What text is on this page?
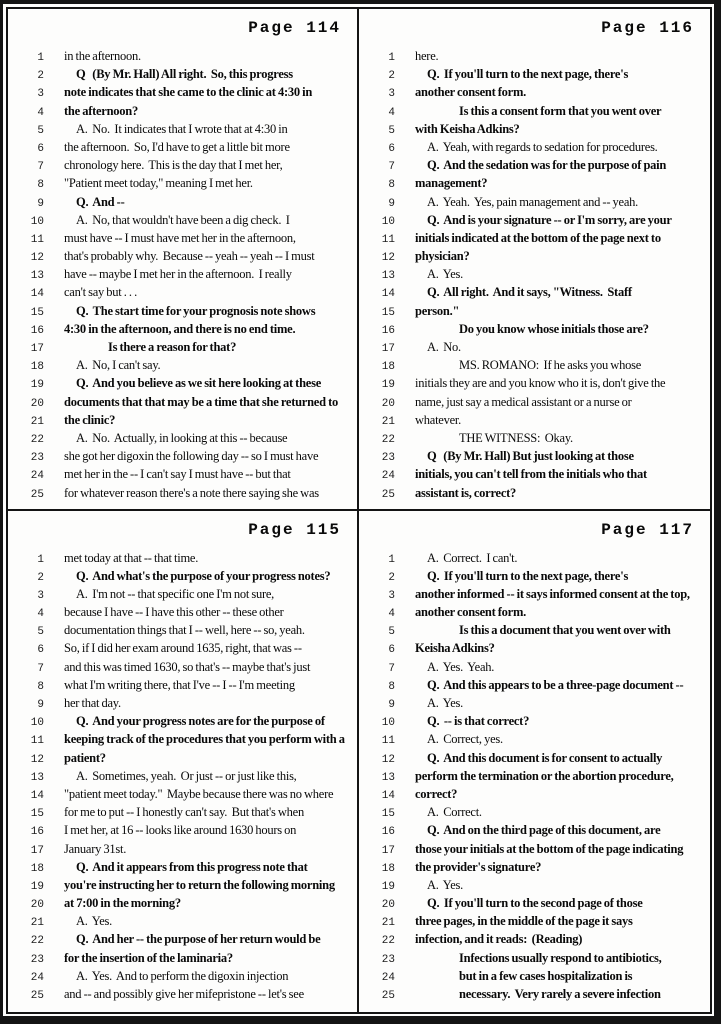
Page 114
1 in the afternoon.
2	Q   (By Mr. Hall) All right.  So, this progress
3 note indicates that she came to the clinic at 4:30 in
4 the afternoon?
5	A.  No.  It indicates that I wrote that at 4:30 in
6 the afternoon.  So, I'd have to get a little bit more
7 chronology here.  This is the day that I met her,
8 "Patient meet today," meaning I met her.
9	Q.  And --
10	A.  No, that wouldn't have been a dig check.  I
11 must have -- I must have met her in the afternoon,
12 that's probably why.  Because -- yeah -- yeah -- I must
13 have -- maybe I met her in the afternoon.  I really
14 can't say but . . .
15	Q.  The start time for your prognosis note shows
16 4:30 in the afternoon, and there is no end time.
17	Is there a reason for that?
18	A.  No, I can't say.
19	Q.  And you believe as we sit here looking at these
20 documents that that may be a time that she returned to
21 the clinic?
22	A.  No.  Actually, in looking at this -- because
23 she got her digoxin the following day -- so I must have
24 met her in the -- I can't say I must have -- but that
25 for whatever reason there's a note there saying she was
Page 116
1 here.
2	Q.  If you'll turn to the next page, there's
3 another consent form.
4	Is this a consent form that you went over
5 with Keisha Adkins?
6	A.  Yeah, with regards to sedation for procedures.
7	Q.  And the sedation was for the purpose of pain
8 management?
9	A.  Yeah.  Yes, pain management and -- yeah.
10	Q.  And is your signature -- or I'm sorry, are your
11 initials indicated at the bottom of the page next to
12 physician?
13	A.  Yes.
14	Q.  All right.  And it says, "Witness.  Staff
15 person."
16	Do you know whose initials those are?
17	A.  No.
18	MS. ROMANO:  If he asks you whose
19 initials they are and you know who it is, don't give the
20 name, just say a medical assistant or a nurse or
21 whatever.
22	THE WITNESS:  Okay.
23	Q   (By Mr. Hall) But just looking at those
24 initials, you can't tell from the initials who that
25 assistant is, correct?
Page 115
1 met today at that -- that time.
2	Q.  And what's the purpose of your progress notes?
3	A.  I'm not -- that specific one I'm not sure,
4 because I have -- I have this other -- these other
5 documentation things that I -- well, here -- so, yeah.
6 So, if I did her exam around 1635, right, that was --
7 and this was timed 1630, so that's -- maybe that's just
8 what I'm writing there, that I've -- I -- I'm meeting
9 her that day.
10	Q.  And your progress notes are for the purpose of
11 keeping track of the procedures that you perform with a
12 patient?
13	A.  Sometimes, yeah.  Or just -- or just like this,
14 "patient meet today."  Maybe because there was no where
15 for me to put -- I honestly can't say.  But that's when
16 I met her, at 16 -- looks like around 1630 hours on
17 January 31st.
18	Q.  And it appears from this progress note that
19 you're instructing her to return the following morning
20 at 7:00 in the morning?
21	A.  Yes.
22	Q.  And her -- the purpose of her return would be
23 for the insertion of the laminaria?
24	A.  Yes.  And to perform the digoxin injection
25 and -- and possibly give her mifepristone -- let's see
Page 117
1	A.  Correct.  I can't.
2	Q.  If you'll turn to the next page, there's
3 another informed -- it says informed consent at the top,
4 another consent form.
5	Is this a document that you went over with
6 Keisha Adkins?
7	A.  Yes.  Yeah.
8	Q.  And this appears to be a three-page document --
9	A.  Yes.
10	Q.  -- is that correct?
11	A.  Correct, yes.
12	Q.  And this document is for consent to actually
13 perform the termination or the abortion procedure,
14 correct?
15	A.  Correct.
16	Q.  And on the third page of this document, are
17 those your initials at the bottom of the page indicating
18 the provider's signature?
19	A.  Yes.
20	Q.  If you'll turn to the second page of those
21 three pages, in the middle of the page it says
22 infection, and it reads:  (Reading)
23	Infections usually respond to antibiotics,
24	but in a few cases hospitalization is
25	necessary.  Very rarely a severe infection
